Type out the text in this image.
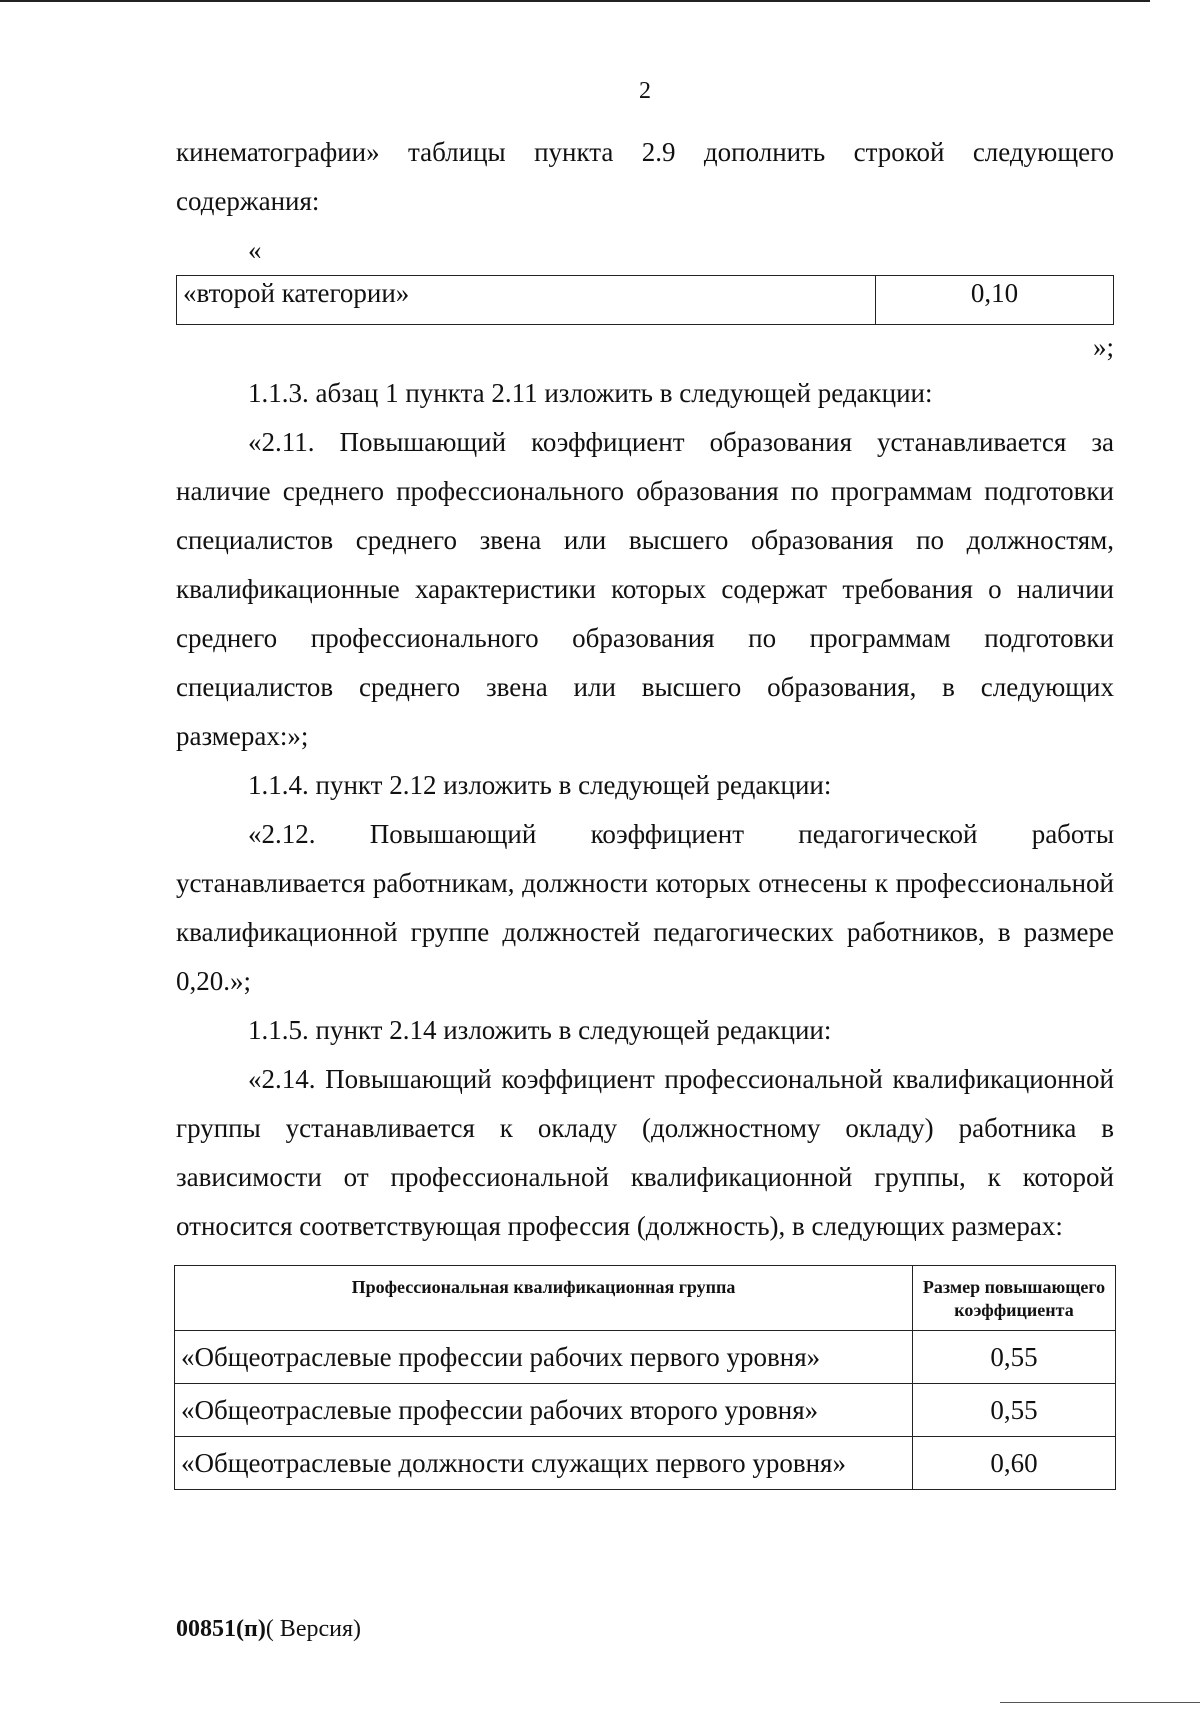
2

кинематографии» таблицы пункта 2.9 дополнить строкой следующего содержания:

«
«второй категории»	0,10
»;

1.1.3. абзац 1 пункта 2.11 изложить в следующей редакции:

«2.11. Повышающий коэффициент образования устанавливается за наличие среднего профессионального образования по программам подготовки специалистов среднего звена или высшего образования по должностям, квалификационные характеристики которых содержат требования о наличии среднего профессионального образования по программам подготовки специалистов среднего звена или высшего образования, в следующих размерах:»;

1.1.4. пункт 2.12 изложить в следующей редакции:

«2.12. Повышающий коэффициент педагогической работы устанавливается работникам, должности которых отнесены к профессиональной квалификационной группе должностей педагогических работников, в размере 0,20.»;

1.1.5. пункт 2.14 изложить в следующей редакции:

«2.14. Повышающий коэффициент профессиональной квалификационной группы устанавливается к окладу (должностному окладу) работника в зависимости от профессиональной квалификационной группы, к которой относится соответствующая профессия (должность), в следующих размерах:

Профессиональная квалификационная группа	Размер повышающего коэффициента
«Общеотраслевые профессии рабочих первого уровня»	0,55
«Общеотраслевые профессии рабочих второго уровня»	0,55
«Общеотраслевые должности служащих первого уровня»	0,60
00851(п)( Версия)
